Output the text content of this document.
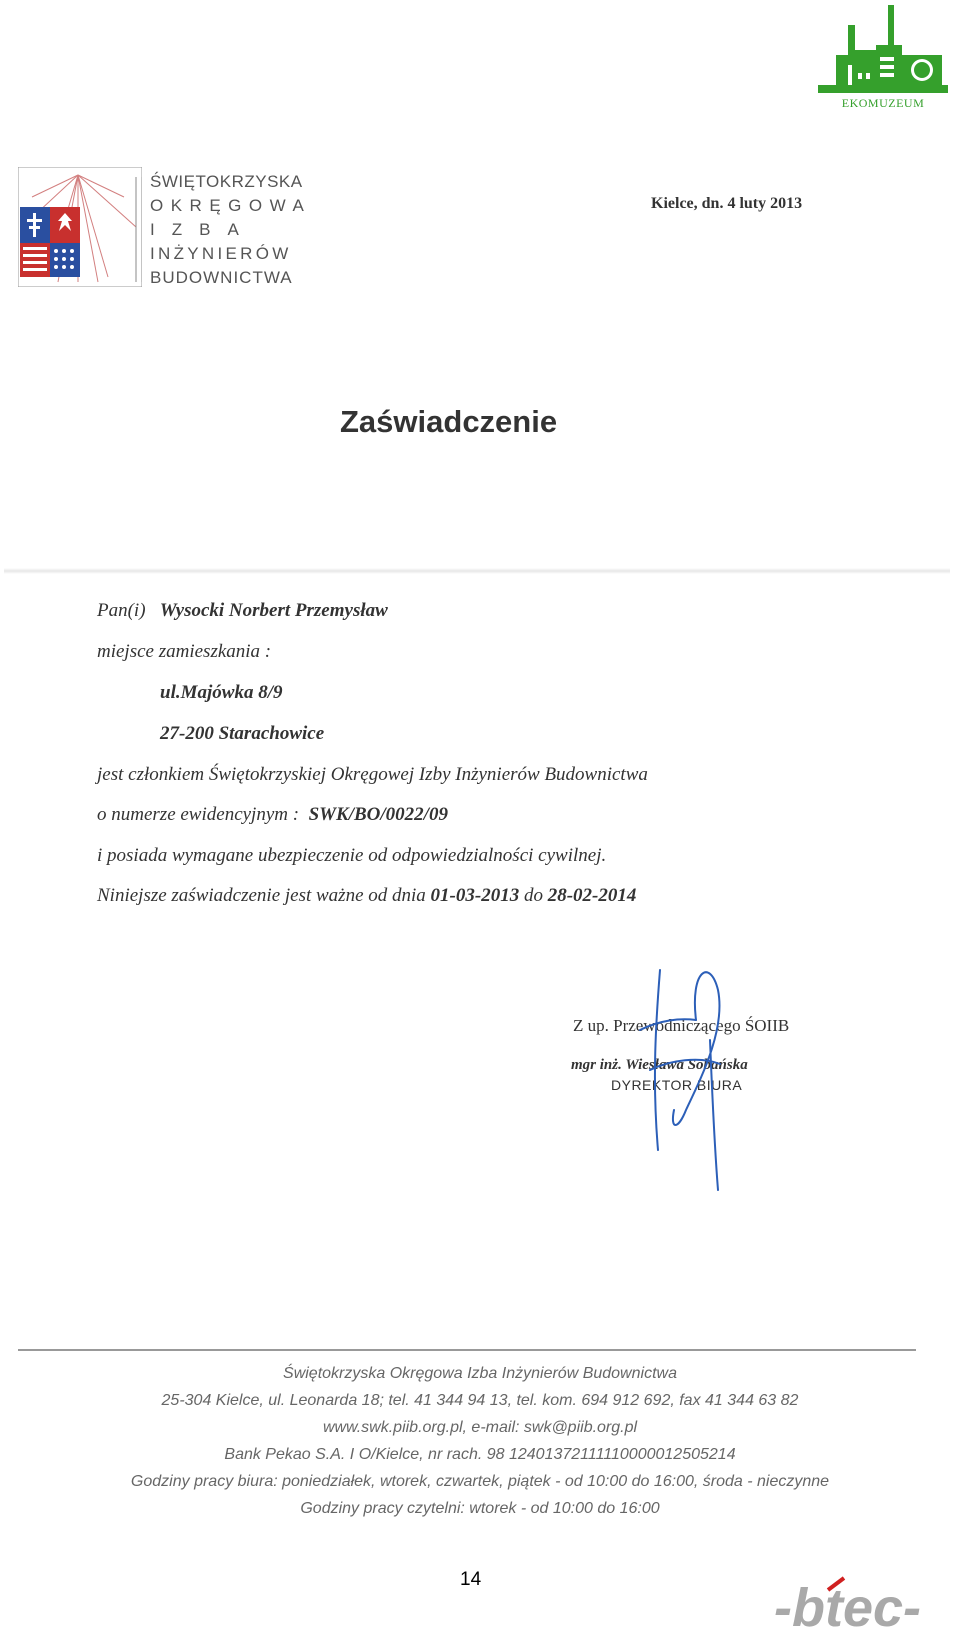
EKOMUZEUM
ŚWIĘTOKRZYSKA
OKRĘGOWA
IZBA
INŻYNIERÓW
BUDOWNICTWA
Kielce, dn. 4 luty 2013
Zaświadczenie
Pan(i) Wysocki Norbert Przemysław
miejsce zamieszkania :
ul.Majówka 8/9
27-200 Starachowice
jest członkiem Świętokrzyskiej Okręgowej Izby Inżynierów Budownictwa
o numerze ewidencyjnym : SWK/BO/0022/09
i posiada wymagane ubezpieczenie od odpowiedzialności cywilnej.
Niniejsze zaświadczenie jest ważne od dnia 01-03-2013 do 28-02-2014
Z up. Przewodniczącego ŚOIIB
mgr inż. Wiesława Sobańska
DYREKTOR BIURA
Świętokrzyska Okręgowa Izba Inżynierów Budownictwa
25-304 Kielce, ul. Leonarda 18; tel. 41 344 94 13, tel. kom. 694 912 692, fax 41 344 63 82
www.swk.piib.org.pl, e-mail: swk@piib.org.pl
Bank Pekao S.A. I O/Kielce, nr rach. 98 12401372111110000012505214
Godziny pracy biura: poniedziałek, wtorek, czwartek, piątek - od 10:00 do 16:00, środa - nieczynne
Godziny pracy czytelni: wtorek - od 10:00 do 16:00
14	-btec-
